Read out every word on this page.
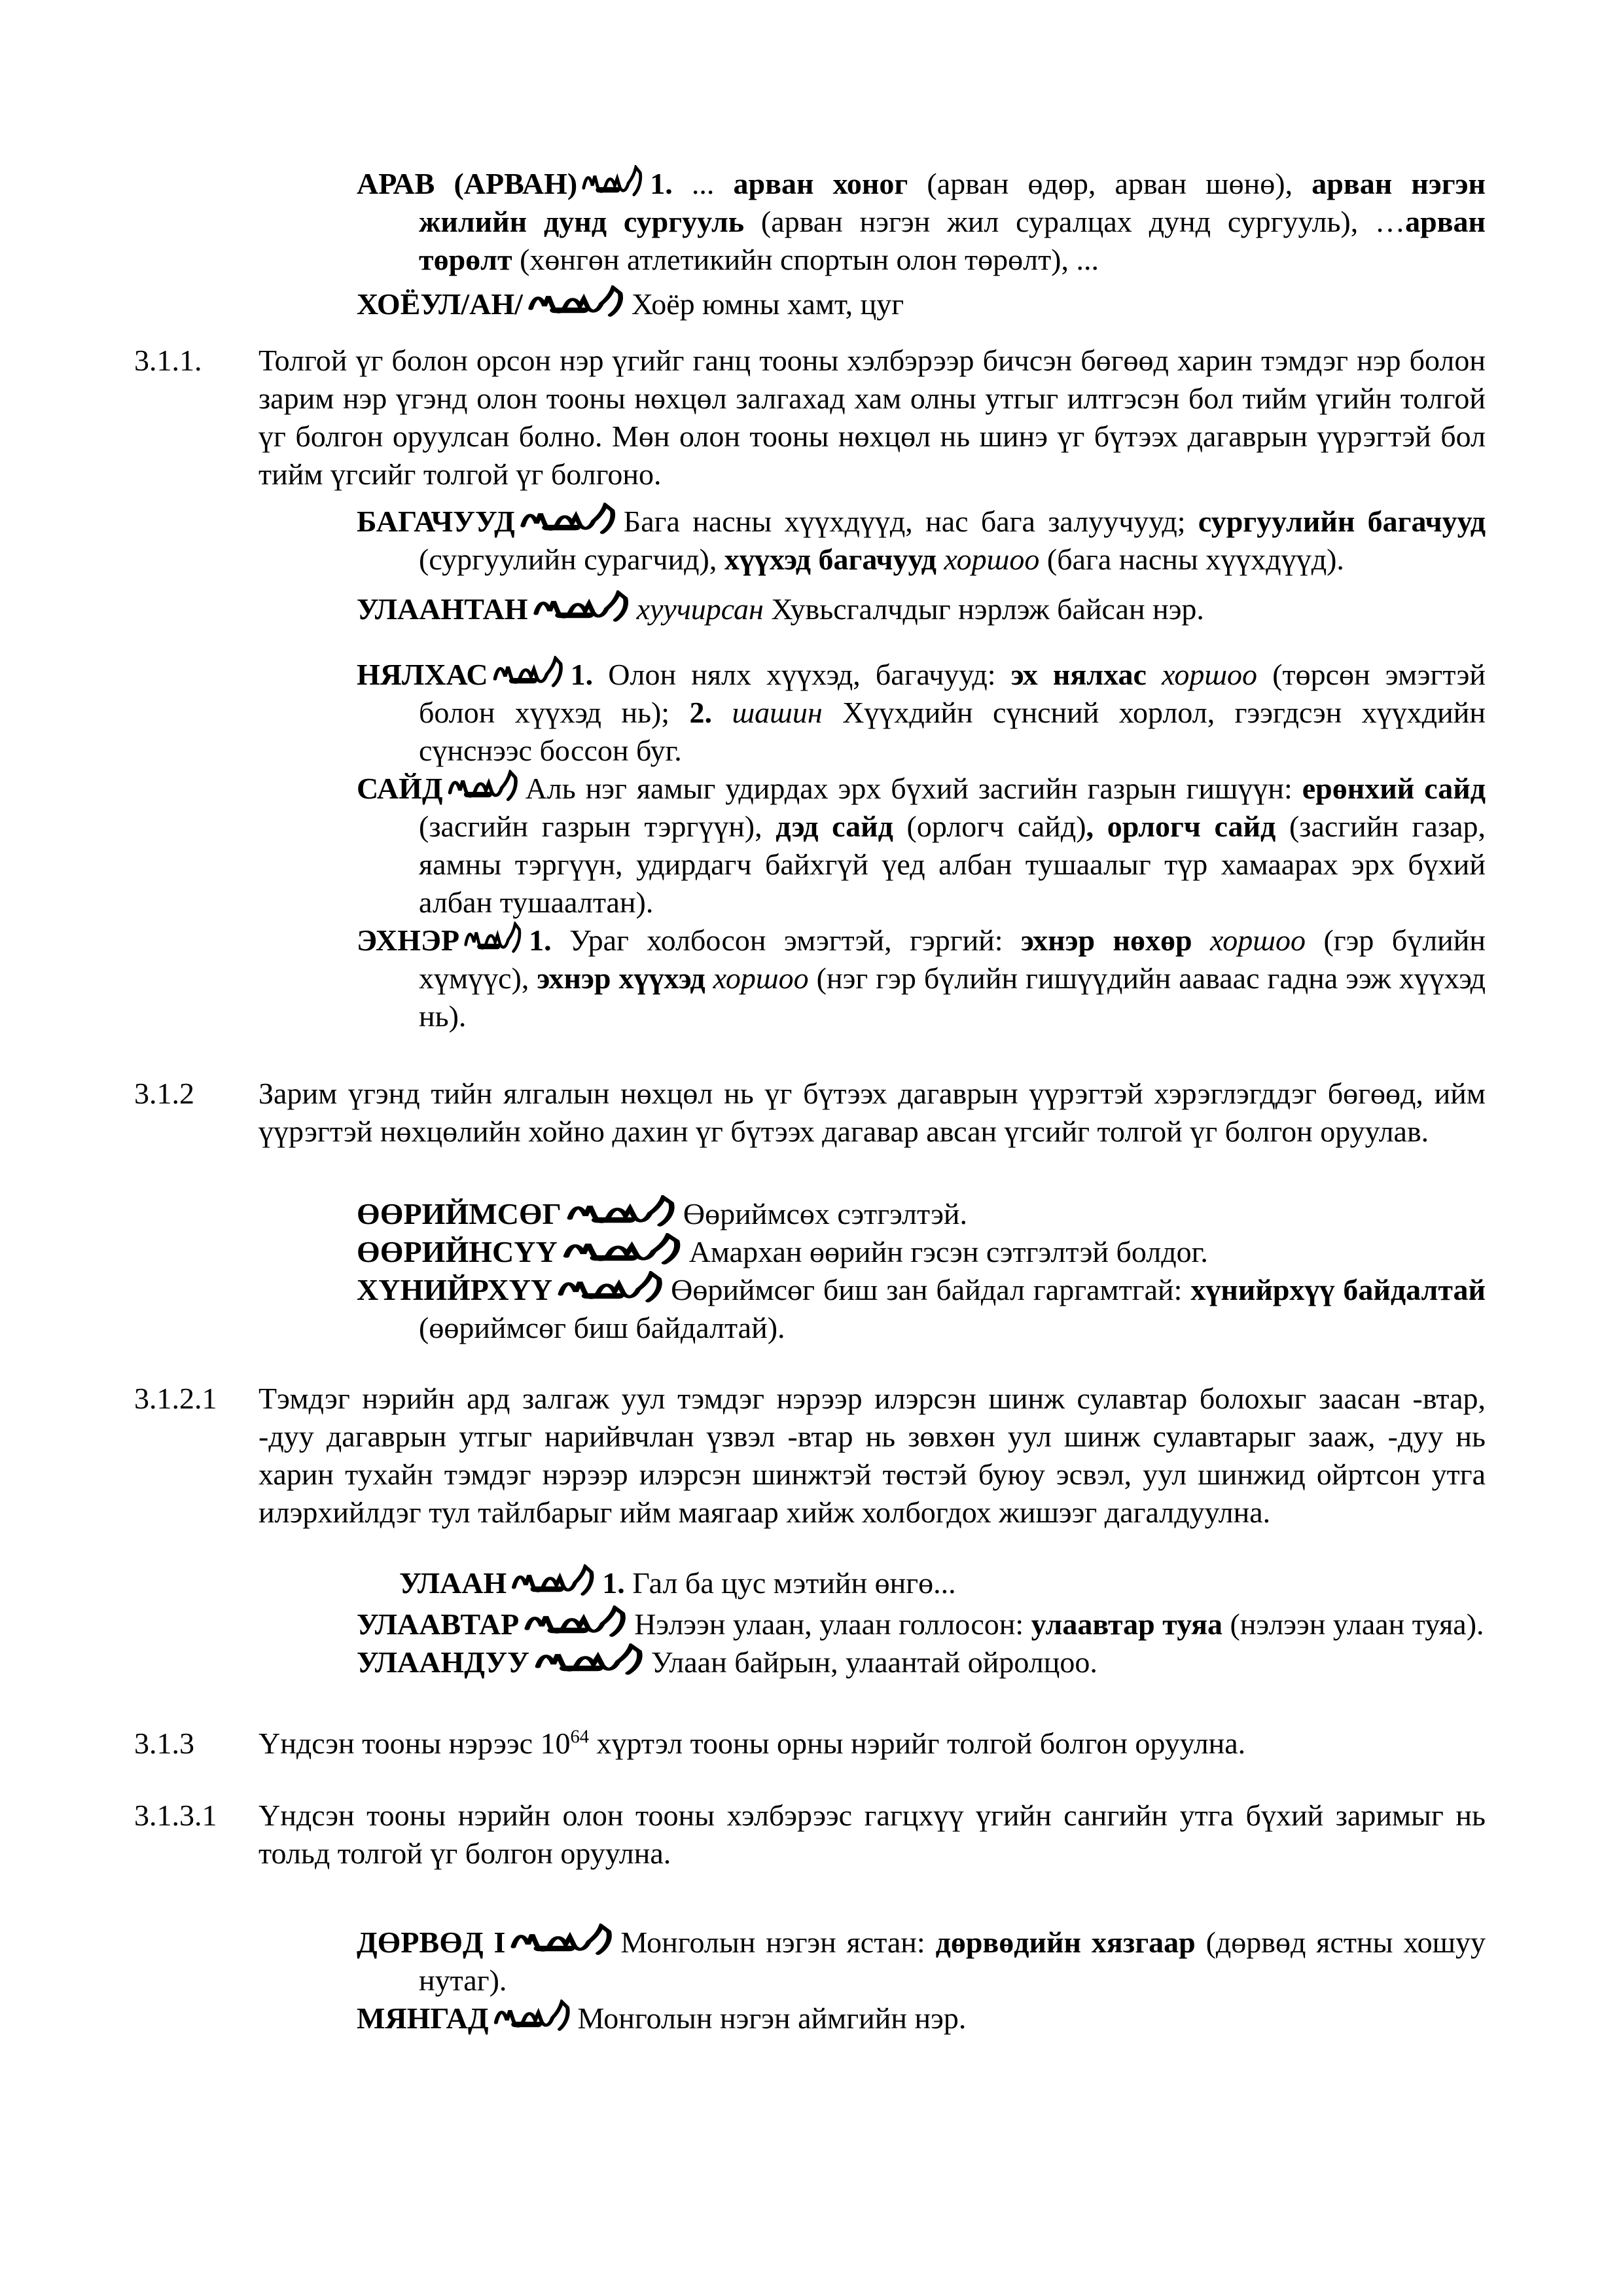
АРАВ (АРВАН) 1. ... арван хоног (арван өдөр, арван шөнө), арван нэгэн жилийн дунд сургууль (арван нэгэн жил суралцах дунд сургууль), …арван төрөлт (хөнгөн атлетикийн спортын олон төрөлт), ...
ХОЁУЛ/АН/	Хоёр юмны хамт, цуг
3.1.1.	Толгой үг болон орсон нэр үгийг ганц тооны хэлбэрээр бичсэн бөгөөд харин тэмдэг нэр болон зарим нэр үгэнд олон тооны нөхцөл залгахад хам олны утгыг илтгэсэн бол тийм үгийн толгой үг болгон оруулсан болно. Мөн олон тооны нөхцөл нь шинэ үг бүтээх дагаврын үүрэгтэй бол тийм үгсийг толгой үг болгоно.
БАГАЧУУД	Бага насны хүүхдүүд, нас бага залуучууд; сургуулийн багачууд (сургуулийн сурагчид), хүүхэд багачууд хоршоо (бага насны хүүхдүүд).
УЛААНТАН	хуучирсан Хувьсгалчдыг нэрлэж байсан нэр.
НЯЛХАС	1. Олон нялх хүүхэд, багачууд: эх нялхас хоршоо (төрсөн эмэгтэй болон хүүхэд нь); 2. шашин Хүүхдийн сүнсний хорлол, гээгдсэн хүүхдийн сүнснээс боссон буг.
САЙД	Аль нэг яамыг удирдах эрх бүхий засгийн газрын гишүүн: ерөнхий сайд (засгийн газрын тэргүүн), дэд сайд (орлогч сайд), орлогч сайд (засгийн газар, яамны тэргүүн, удирдагч байхгүй үед албан тушаалыг түр хамаарах эрх бүхий албан тушаалтан).
ЭХНЭР 1. Ураг холбосон эмэгтэй, гэргий: эхнэр нөхөр хоршоо (гэр бүлийн хүмүүс), эхнэр хүүхэд хоршоо (нэг гэр бүлийн гишүүдийн ааваас гадна ээж хүүхэд нь).
3.1.2	Зарим үгэнд тийн ялгалын нөхцөл нь үг бүтээх дагаврын үүрэгтэй хэрэглэгддэг бөгөөд, ийм үүрэгтэй нөхцөлийн хойно дахин үг бүтээх дагавар авсан үгсийг толгой үг болгон оруулав.
ӨӨРИЙМСӨГ	Өөриймсөх сэтгэлтэй.
ӨӨРИЙНСҮҮ	Амархан өөрийн гэсэн сэтгэлтэй болдог.
ХҮНИЙРХҮҮ	Өөриймсөг биш зан байдал гаргамтгай: хүнийрхүү байдалтай (өөриймсөг биш байдалтай).
3.1.2.1	Тэмдэг нэрийн ард залгаж уул тэмдэг нэрээр илэрсэн шинж сулавтар болохыг заасан -втар, -дуу дагаврын утгыг нарийвчлан үзвэл -втар нь зөвхөн уул шинж сулавтарыг зааж, -дуу нь харин тухайн тэмдэг нэрээр илэрсэн шинжтэй төстэй буюу эсвэл, уул шинжид ойртсон утга илэрхийлдэг тул тайлбарыг ийм маягаар хийж холбогдох жишээг дагалдуулна.
УЛААН	1. Гал ба цус мэтийн өнгө...
УЛААВТАР	Нэлээн улаан, улаан голлосон: улаавтар туяа (нэлээн улаан туяа).
УЛААНДУУ	Улаан байрын, улаантай ойролцоо.
3.1.3	Үндсэн тооны нэрээс $10^{64}$ хүртэл тооны орны нэрийг толгой болгон оруулна.
3.1.3.1	Үндсэн тооны нэрийн олон тооны хэлбэрээс гагцхүү үгийн сангийн утга бүхий заримыг нь тольд толгой үг болгон оруулна.
ДӨРВӨД I	Монголын нэгэн ястан: дөрвөдийн хязгаар (дөрвөд ястны хошуу нутаг).
МЯНГАД	Монголын нэгэн аймгийн нэр.
